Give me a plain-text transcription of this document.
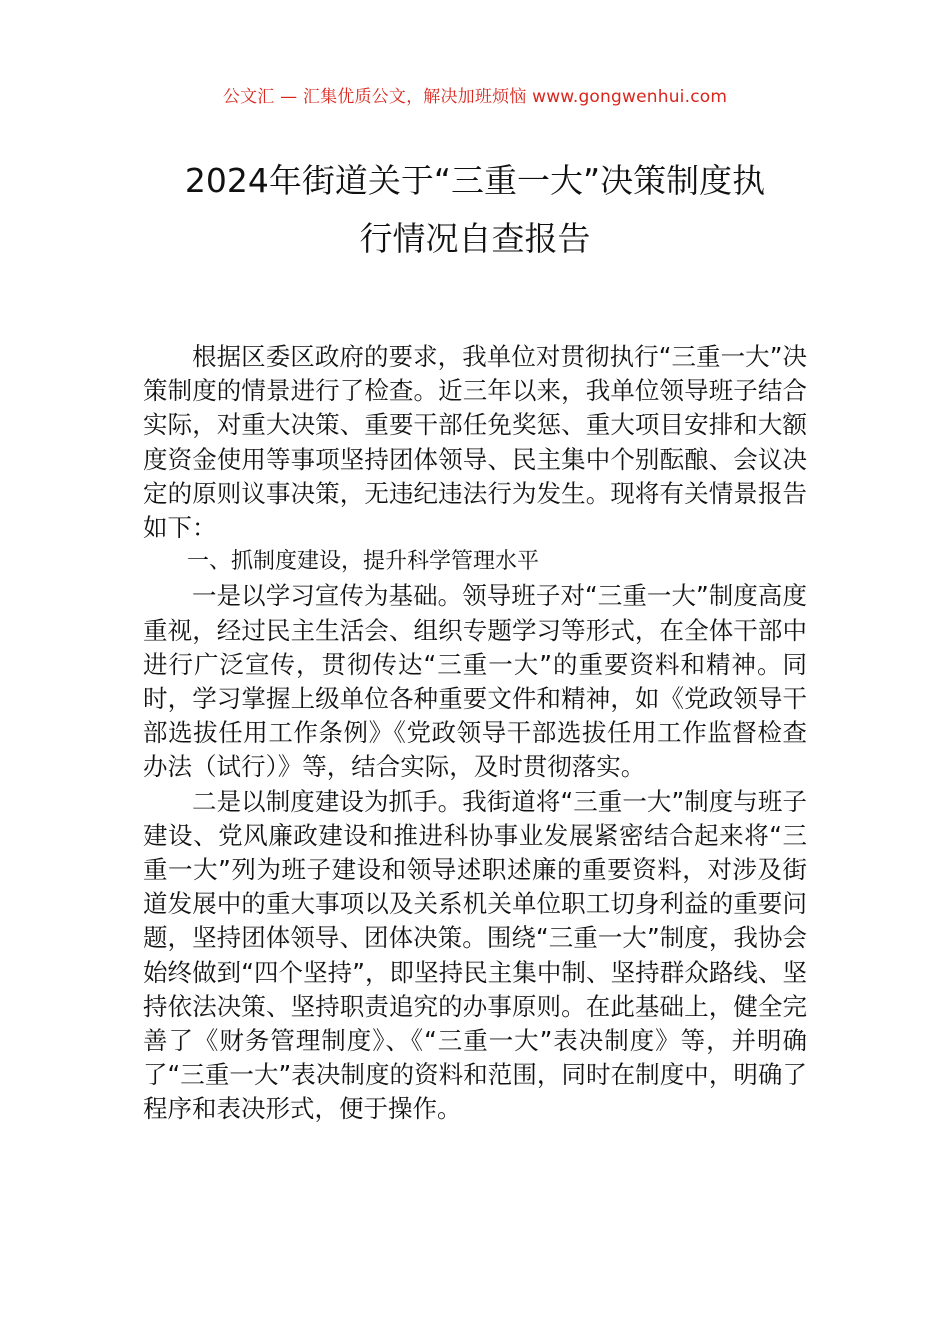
公文汇 — 汇集优质公文，解决加班烦恼 www.gongwenhui.com
2024年街道关于“三重一大”决策制度执
行情况自查报告

根据区委区政府的要求，我单位对贯彻执行“三重一大”决策制度的情景进行了检查。近三年以来，我单位领导班子结合实际，对重大决策、重要干部任免奖惩、重大项目安排和大额度资金使用等事项坚持团体领导、民主集中个别酝酿、会议决定的原则议事决策，无违纪违法行为发生。现将有关情景报告如下：

一、抓制度建设，提升科学管理水平

一是以学习宣传为基础。领导班子对“三重一大”制度高度重视，经过民主生活会、组织专题学习等形式，在全体干部中进行广泛宣传，贯彻传达“三重一大”的重要资料和精神。同时，学习掌握上级单位各种重要文件和精神，如《党政领导干部选拔任用工作条例》《党政领导干部选拔任用工作监督检查办法（试行）》等，结合实际，及时贯彻落实。

二是以制度建设为抓手。我街道将“三重一大”制度与班子建设、党风廉政建设和推进科协事业发展紧密结合起来将“三重一大”列为班子建设和领导述职述廉的重要资料，对涉及街道发展中的重大事项以及关系机关单位职工切身利益的重要问题，坚持团体领导、团体决策。围绕“三重一大”制度，我协会始终做到“四个坚持”，即坚持民主集中制、坚持群众路线、坚持依法决策、坚持职责追究的办事原则。在此基础上，健全完善了《财务管理制度》、《“三重一大”表决制度》等，并明确了“三重一大”表决制度的资料和范围，同时在制度中，明确了程序和表决形式，便于操作。
